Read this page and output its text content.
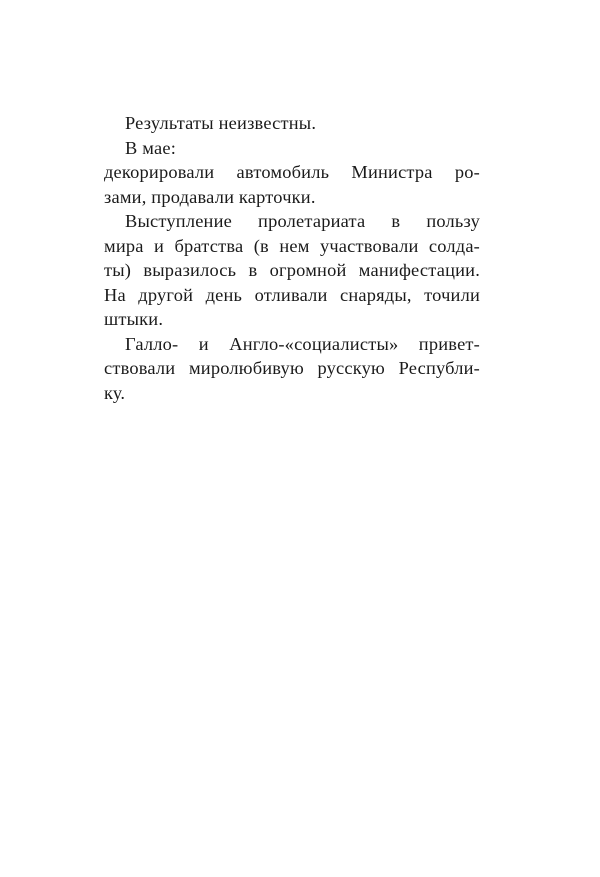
Результаты неизвестны.
В мае:
декорировали автомобиль Министра ро-
зами, продавали карточки.
Выступление пролетариата в пользу
мира и братства (в нем участвовали солда-
ты) выразилось в огромной манифестации.
На другой день отливали снаряды, точили
штыки.
Галло- и Англо-«социалисты» привет-
ствовали миролюбивую русскую Республи-
ку.
